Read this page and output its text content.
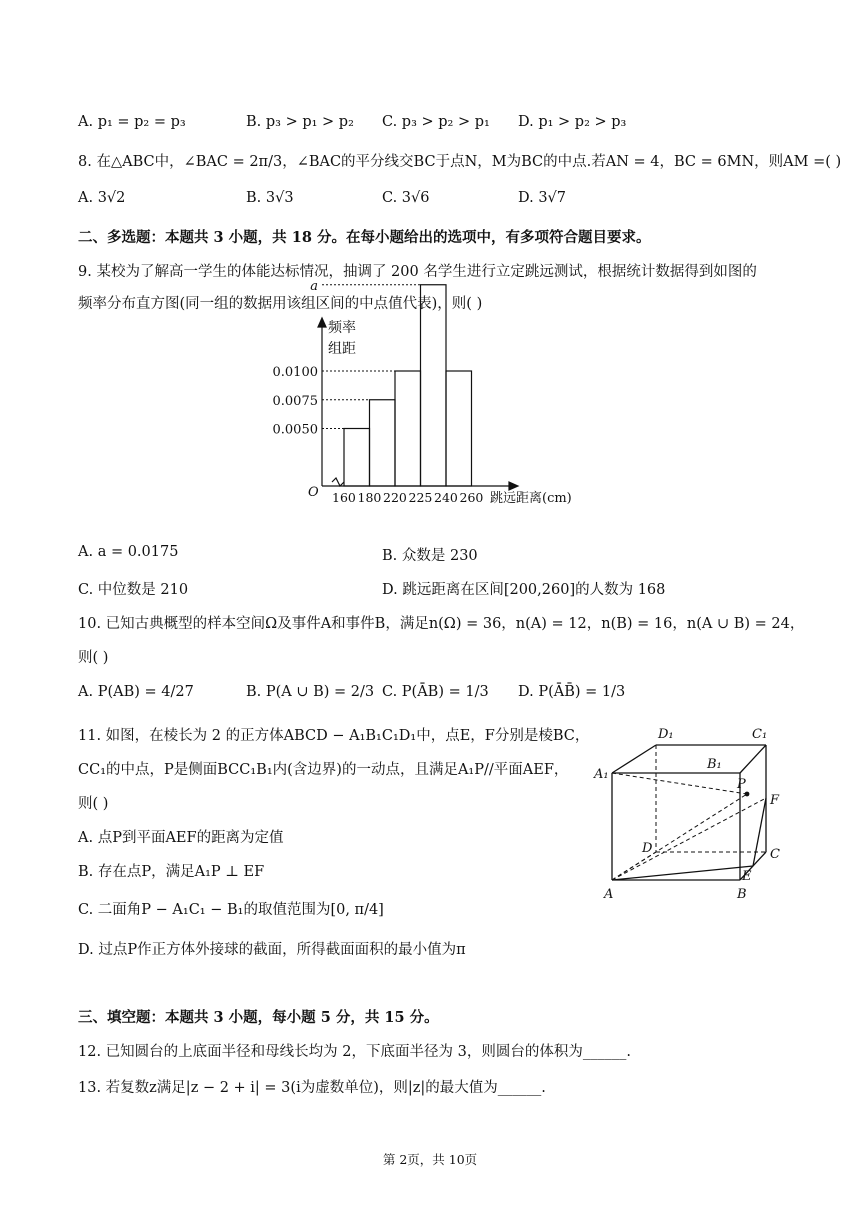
A. p₁ = p₂ = p₃	B. p₃ > p₁ > p₂ C. p₃ > p₂ > p₁ D. p₁ > p₂ > p₃
8. 在△ABC中，∠BAC = 2π/3，∠BAC的平分线交BC于点N，M为BC的中点.若AN = 4，BC = 6MN，则AM =( )
A. 3√2	B. 3√3	C. 3√6	D. 3√7
二、多选题：本题共 3 小题，共 18 分。在每小题给出的选项中，有多项符合题目要求。
9. 某校为了解高一学生的体能达标情况，抽调了 200 名学生进行立定跳远测试，根据统计数据得到如图的
频率分布直方图(同一组的数据用该组区间的中点值代表)，则( )
a
0.0100
0.0075
0.0050
频率
组距
O 160 180 220 225 240 260 跳远距离(cm)
A. a = 0.0175	B. 众数是 230
C. 中位数是 210	D. 跳远距离在区间[200,260]的人数为 168
10. 已知古典概型的样本空间Ω及事件A和事件B，满足n(Ω) = 36，n(A) = 12，n(B) = 16，n(A ∪ B) = 24，
则( )
A. P(AB) = 4/27	B. P(A ∪ B) = 2/3 C. P(ĀB) = 1/3 D. P(ĀB̄) = 1/3
11. 如图，在棱长为 2 的正方体ABCD − A₁B₁C₁D₁中，点E，F分别是棱BC，
CC₁的中点，P是侧面BCC₁B₁内(含边界)的一动点，且满足A₁P//平面AEF，
则( )
A. 点P到平面AEF的距离为定值
B. 存在点P，满足A₁P ⊥ EF
C. 二面角P − A₁C₁ − B₁的取值范围为[0, π/4]
D. 过点P作正方体外接球的截面，所得截面面积的最小值为π
D₁	C₁
B₁
A₁
P
F
D	C
E
A	B
三、填空题：本题共 3 小题，每小题 5 分，共 15 分。
12. 已知圆台的上底面半径和母线长均为 2，下底面半径为 3，则圆台的体积为______.
13. 若复数z满足|z − 2 + i| = 3(i为虚数单位)，则|z|的最大值为______.
第 2页，共 10页
